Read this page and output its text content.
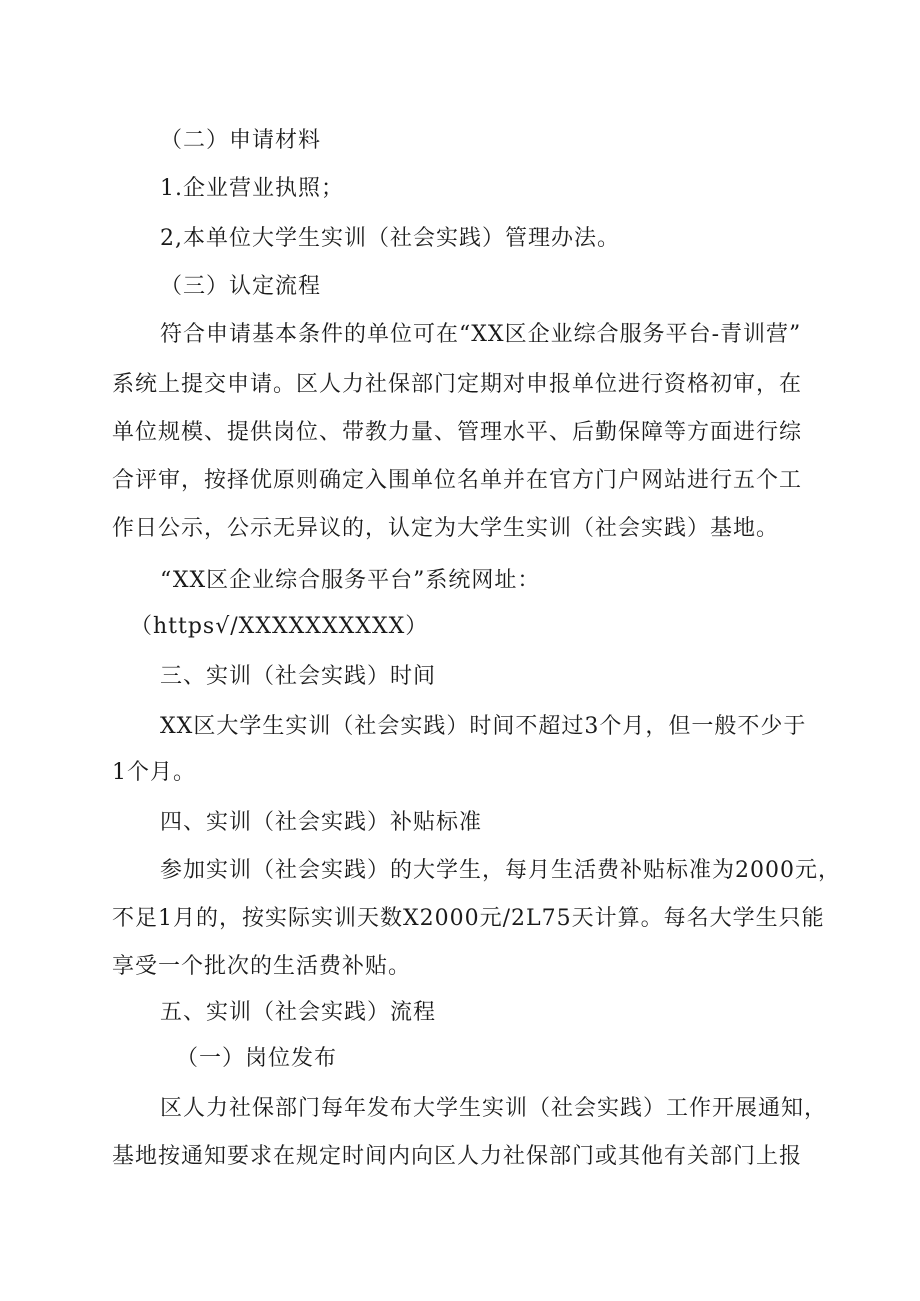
（二）申请材料
1.企业营业执照；
2,本单位大学生实训（社会实践）管理办法。
（三）认定流程
符合申请基本条件的单位可在“XX区企业综合服务平台-青训营”
系统上提交申请。区人力社保部门定期对申报单位进行资格初审，在
单位规模、提供岗位、带教力量、管理水平、后勤保障等方面进行综
合评审，按择优原则确定入围单位名单并在官方门户网站进行五个工
作日公示，公示无异议的，认定为大学生实训（社会实践）基地。
“XX区企业综合服务平台”系统网址：
（https√/XXXXXXXXXX）
三、实训（社会实践）时间
XX区大学生实训（社会实践）时间不超过3个月，但一般不少于
1个月。
四、实训（社会实践）补贴标准
参加实训（社会实践）的大学生，每月生活费补贴标准为2000元，
不足1月的，按实际实训天数X2000元/2L75天计算。每名大学生只能
享受一个批次的生活费补贴。
五、实训（社会实践）流程
（一）岗位发布
区人力社保部门每年发布大学生实训（社会实践）工作开展通知，
基地按通知要求在规定时间内向区人力社保部门或其他有关部门上报
